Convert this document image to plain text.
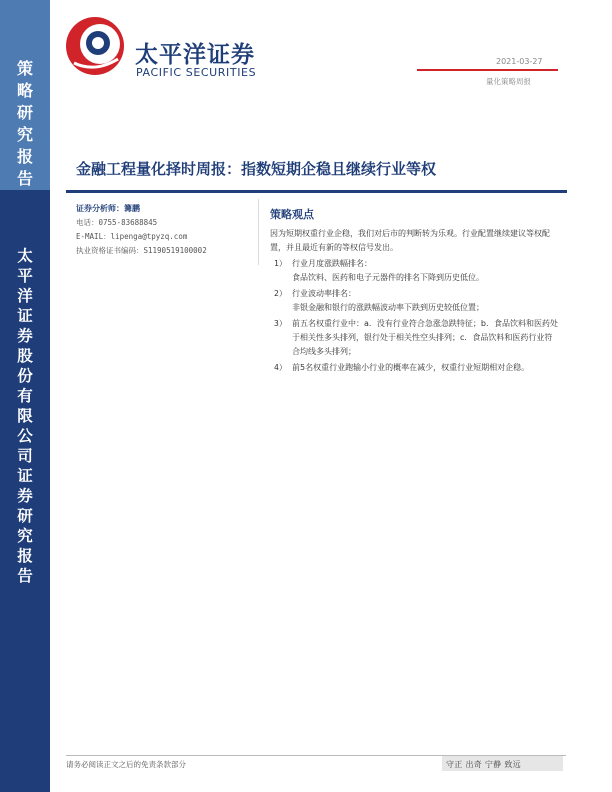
策
略
研
究
报
告
太
平
洋
证
券
股
份
有
限
公
司
证
券
研
究
报
告
太平洋证券
PACIFIC SECURITIES
2021-03-27
量化策略周报
金融工程量化择时周报：指数短期企稳且继续行业等权
证券分析师：篝鹏
电话：0755-83688845
E-MAIL：lipenga@tpyzq.com
执业资格证书编码：S1190519100002
策略观点

因为短期权重行业企稳，我们对后市的判断转为乐观。行业配置继续建议等权配置，并且最近有新的等权信号发出。

1） 行业月度涨跌幅排名：
食品饮料、医药和电子元器件的排名下降到历史低位。
2） 行业波动率排名：
非银金融和银行的涨跌幅波动率下跌到历史较低位置；
3） 前五名权重行业中：a．没有行业符合急涨急跌特征；b．食品饮料和医药处于相关性多头排列，银行处于相关性空头排列；c．食品饮料和医药行业符合均线多头排列；
4） 前5名权重行业跑输小行业的概率在减少，权重行业短期相对企稳。
请务必阅读正文之后的免责条款部分	守正 出奇 宁静 致远
